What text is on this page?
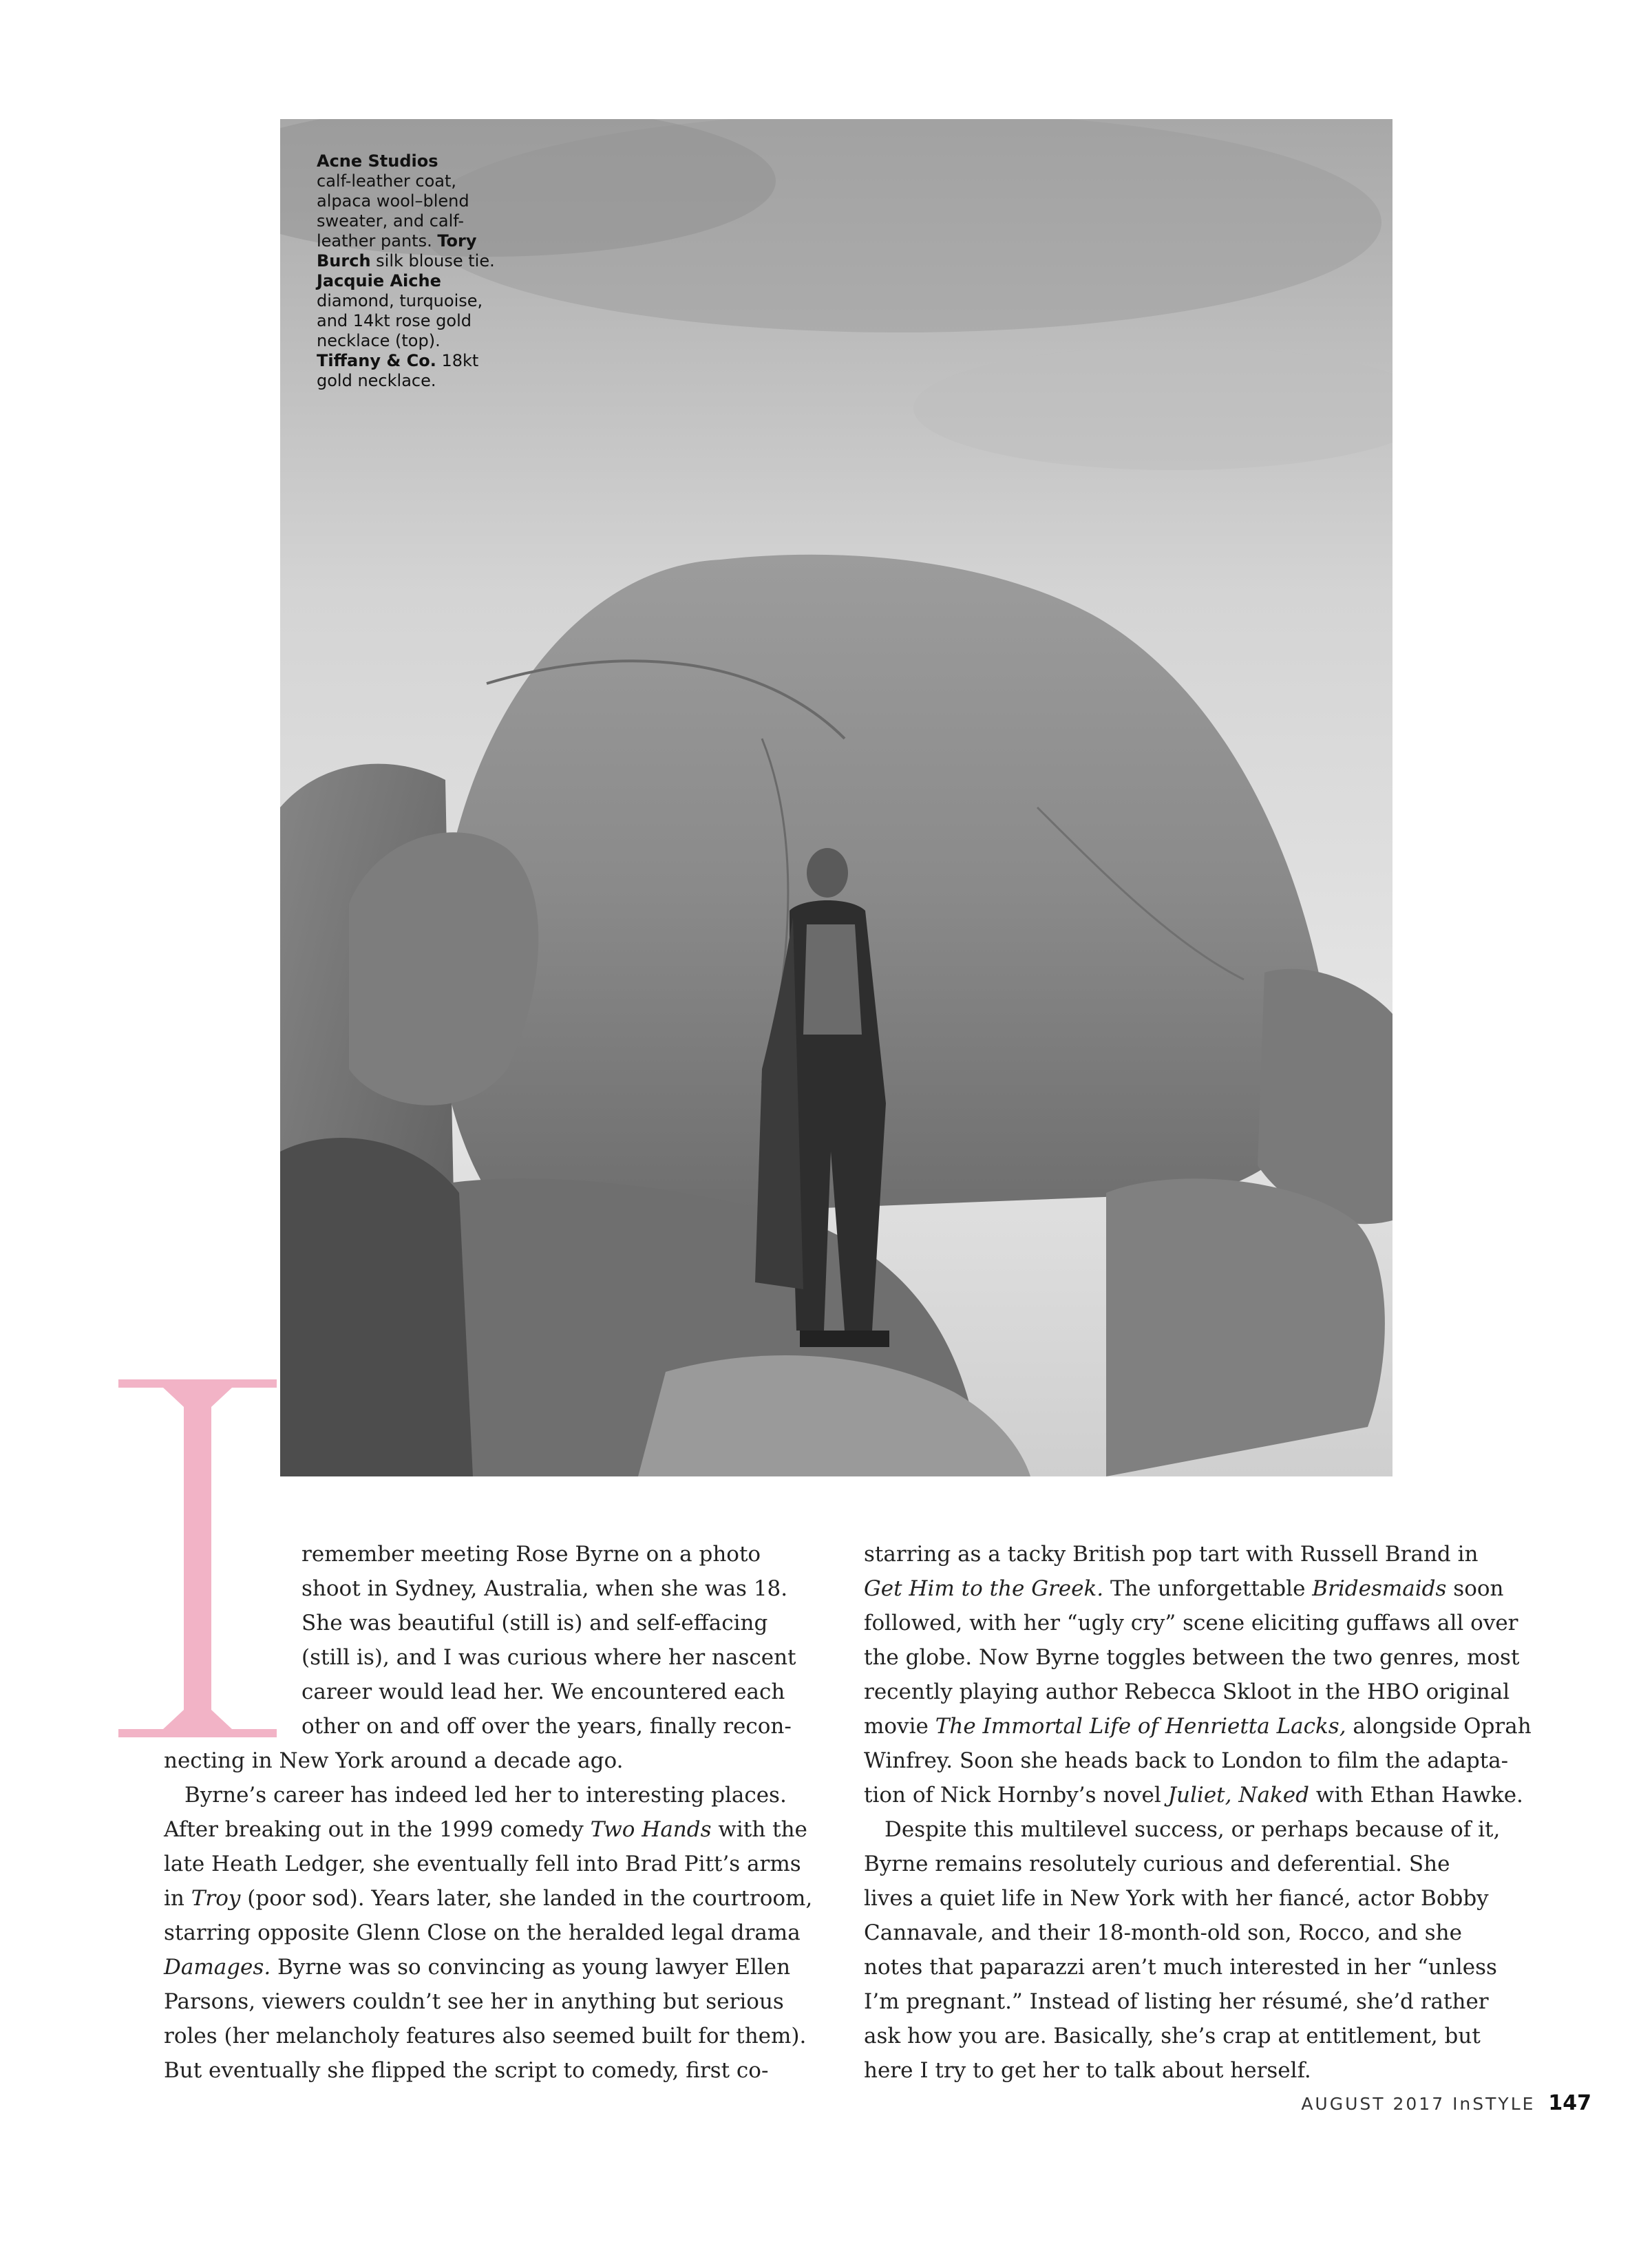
Acne Studios
calf-leather coat, alpaca wool–blend sweater, and calf-leather pants. Tory Burch silk blouse tie. Jacquie Aiche diamond, turquoise, and 14kt rose gold necklace (top). Tiffany & Co. 18kt gold necklace.
remember meeting Rose Byrne on a photo
shoot in Sydney, Australia, when she was 18.
She was beautiful (still is) and self-effacing
(still is), and I was curious where her nascent
career would lead her. We encountered each
other on and off over the years, finally recon-
necting in New York around a decade ago.
Byrne’s career has indeed led her to interesting places.
After breaking out in the 1999 comedy Two Hands with the
late Heath Ledger, she eventually fell into Brad Pitt’s arms
in Troy (poor sod). Years later, she landed in the courtroom,
starring opposite Glenn Close on the heralded legal drama
Damages. Byrne was so convincing as young lawyer Ellen
Parsons, viewers couldn’t see her in anything but serious
roles (her melancholy features also seemed built for them).
But eventually she flipped the script to comedy, first co-
starring as a tacky British pop tart with Russell Brand in
Get Him to the Greek. The unforgettable Bridesmaids soon
followed, with her “ugly cry” scene eliciting guffaws all over
the globe. Now Byrne toggles between the two genres, most
recently playing author Rebecca Skloot in the HBO original
movie The Immortal Life of Henrietta Lacks, alongside Oprah
Winfrey. Soon she heads back to London to film the adapta-
tion of Nick Hornby’s novel Juliet, Naked with Ethan Hawke.
Despite this multilevel success, or perhaps because of it,
Byrne remains resolutely curious and deferential. She
lives a quiet life in New York with her fiancé, actor Bobby
Cannavale, and their 18-month-old son, Rocco, and she
notes that paparazzi aren’t much interested in her “unless
I’m pregnant.” Instead of listing her résumé, she’d rather
ask how you are. Basically, she’s crap at entitlement, but
here I try to get her to talk about herself.
AUGUST 2017 InSTYLE 147
